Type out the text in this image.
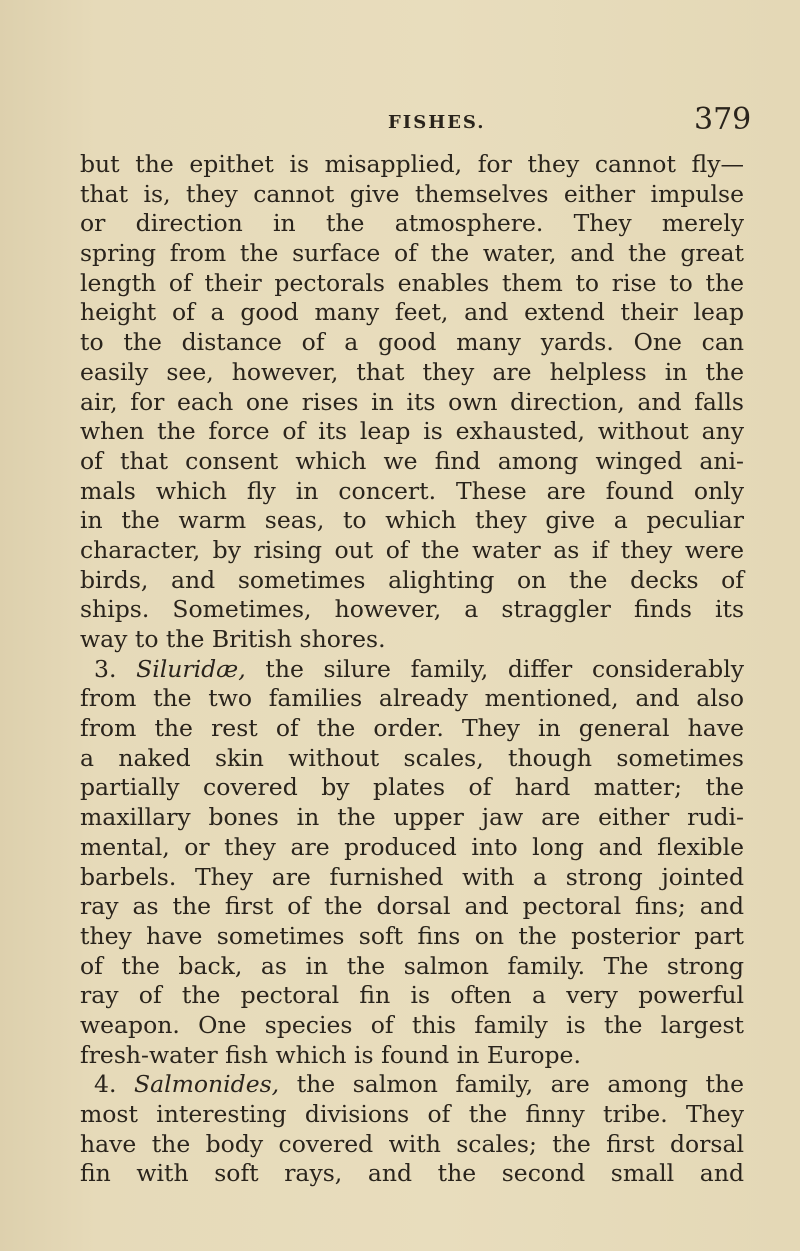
FISHES.	379
but the epithet is misapplied, for they cannot fly—
that is, they cannot give themselves either impulse
or direction in the atmosphere. They merely
spring from the surface of the water, and the great
length of their pectorals enables them to rise to the
height of a good many feet, and extend their leap
to the distance of a good many yards. One can
easily see, however, that they are helpless in the
air, for each one rises in its own direction, and falls
when the force of its leap is exhausted, without any
of that consent which we find among winged ani-
mals which fly in concert. These are found only
in the warm seas, to which they give a peculiar
character, by rising out of the water as if they were
birds, and sometimes alighting on the decks of
ships. Sometimes, however, a straggler finds its
way to the British shores.
3. Siluridæ, the silure family, differ considerably
from the two families already mentioned, and also
from the rest of the order. They in general have
a naked skin without scales, though sometimes
partially covered by plates of hard matter; the
maxillary bones in the upper jaw are either rudi-
mental, or they are produced into long and flexible
barbels. They are furnished with a strong jointed
ray as the first of the dorsal and pectoral fins; and
they have sometimes soft fins on the posterior part
of the back, as in the salmon family. The strong
ray of the pectoral fin is often a very powerful
weapon. One species of this family is the largest
fresh-water fish which is found in Europe.
4. Salmonides, the salmon family, are among the
most interesting divisions of the finny tribe. They
have the body covered with scales; the first dorsal
fin with soft rays, and the second small and
